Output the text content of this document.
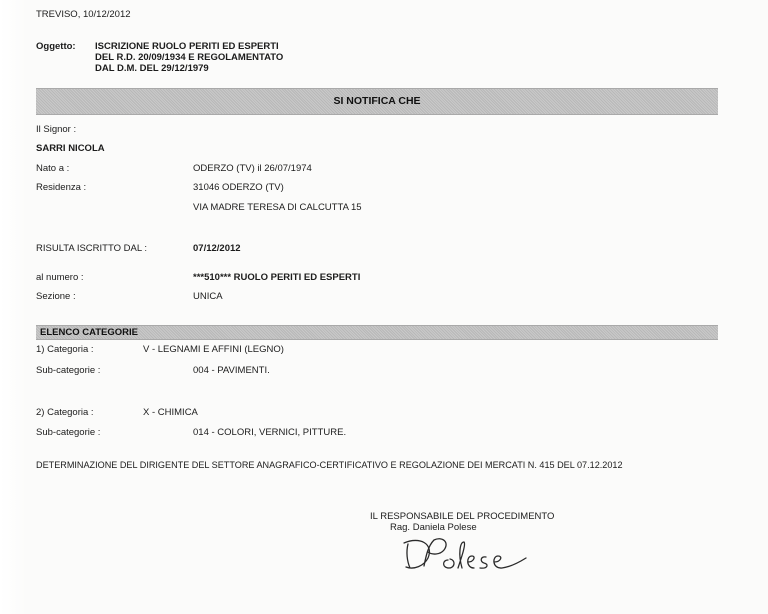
TREVISO, 10/12/2012
Oggetto: ISCRIZIONE RUOLO PERITI ED ESPERTI
DEL R.D. 20/09/1934 E REGOLAMENTATO
DAL D.M. DEL 29/12/1979
SI NOTIFICA CHE
Il Signor :
SARRI NICOLA
Nato a :	ODERZO (TV) il 26/07/1974
Residenza :	31046 ODERZO (TV)
VIA MADRE TERESA DI CALCUTTA 15
RISULTA ISCRITTO DAL :	07/12/2012
al numero :	***510*** RUOLO PERITI ED ESPERTI
Sezione :	UNICA
ELENCO CATEGORIE
1) Categoria :	V - LEGNAMI E AFFINI (LEGNO)
Sub-categorie :	004 - PAVIMENTI.
2) Categoria :	X - CHIMICA
Sub-categorie :	014 - COLORI, VERNICI, PITTURE.
DETERMINAZIONE DEL DIRIGENTE DEL SETTORE ANAGRAFICO-CERTIFICATIVO E REGOLAZIONE DEI MERCATI N. 415 DEL 07.12.2012
IL RESPONSABILE DEL PROCEDIMENTO
Rag. Daniela Polese
